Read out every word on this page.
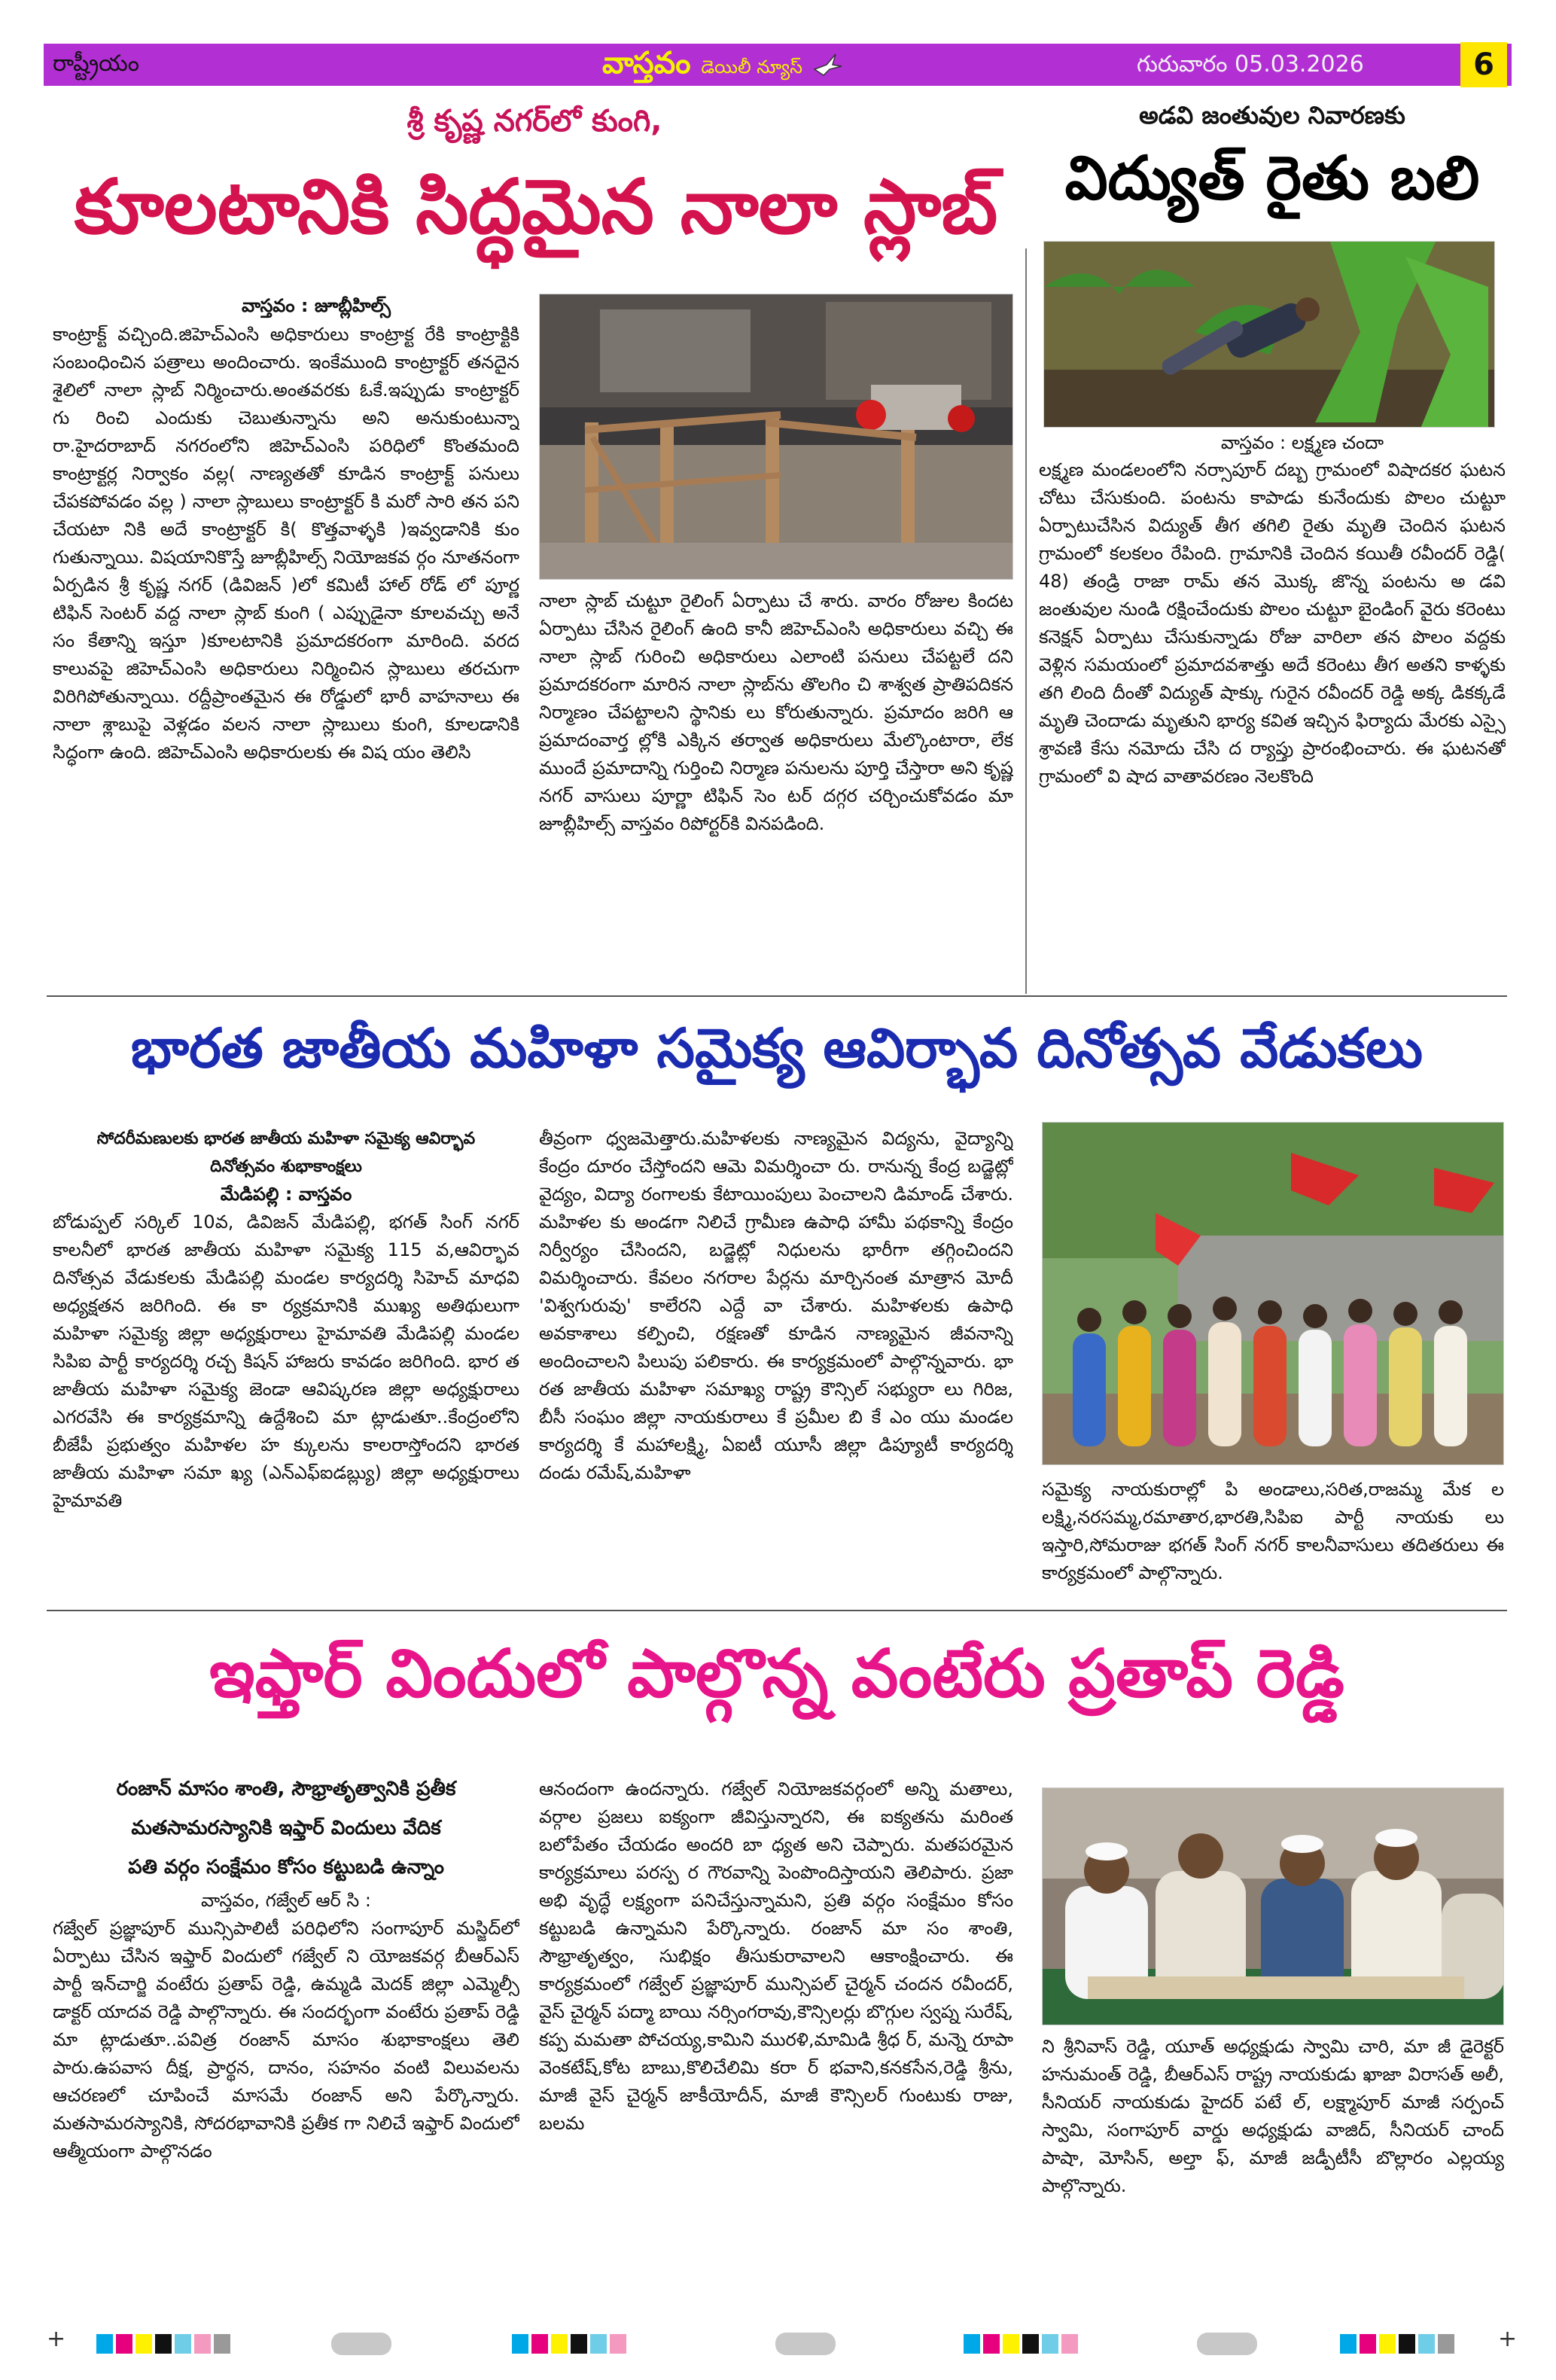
రాష్ట్రీయం	వాస్తవం డెయిలీ న్యూస్	గురువారం 05.03.2026	6
శ్రీ కృష్ణ నగర్‌లో కుంగి,
కూలటానికి సిద్ధమైన నాలా స్లాబ్
వాస్తవం : జూబ్లీహిల్స్
కాంట్రాక్ట్ వచ్చింది.జిహెచ్ఎంసి అధికారులు కాంట్రాక్ట రేకి కాంట్రాక్టికి సంబంధించిన పత్రాలు అందించారు. ఇంకేముంది కాంట్రాక్టర్ తనదైన శైలిలో నాలా స్లాబ్ నిర్మించారు.అంతవరకు ఓకే.ఇప్పుడు కాంట్రాక్టర్ గు రించి ఎందుకు చెబుతున్నాను అని అనుకుంటున్నా రా.హైదరాబాద్ నగరంలోని జిహెచ్ఎంసి పరిధిలో కొంతమంది కాంట్రాక్టర్ల నిర్వాకం వల్ల( నాణ్యతతో కూడిన కాంట్రాక్ట్ పనులు చేపకపోవడం వల్ల ) నాలా స్లాబులు కాంట్రాక్టర్ కి మరో సారి తన పని చేయటా నికి అదే కాంట్రాక్టర్ కి( కొత్తవాళ్ళకి )ఇవ్వడానికి కుం గుతున్నాయి. విషయానికొస్తే జూబ్లీహిల్స్ నియోజకవ ర్గం నూతనంగా ఏర్పడిన శ్రీ కృష్ణ నగర్ (డివిజన్ )లో కమిటీ హాల్ రోడ్ లో పూర్ణ టిఫిన్ సెంటర్ వద్ద నాలా స్లాబ్ కుంగి ( ఎప్పుడైనా కూలవచ్చు అనే సం కేతాన్ని ఇస్తూ )కూలటానికి ప్రమాదకరంగా మారింది. వరద కాలువపై జిహెచ్ఎంసి అధికారులు నిర్మించిన స్లాబులు తరచుగా విరిగిపోతున్నాయి. రద్దీప్రాంతమైన ఈ రోడ్డులో భారీ వాహనాలు ఈ నాలా శ్లాబుపై వెళ్లడం వలన నాలా స్లాబులు కుంగి, కూలడానికి సిద్ధంగా ఉంది. జిహెచ్ఎంసి అధికారులకు ఈ విష యం తెలిసి
నాలా స్లాబ్ చుట్టూ రైలింగ్ ఏర్పాటు చే శారు. వారం రోజుల కిందట ఏర్పాటు చేసిన రైలింగ్ ఉంది కానీ జిహెచ్ఎంసి అధికారులు వచ్చి ఈ నాలా స్లాబ్ గురించి అధికారులు ఎలాంటి పనులు చేపట్టలే దని ప్రమాదకరంగా మారిన నాలా స్లాబ్‌ను తొలగిం చి శాశ్వత ప్రాతిపదికన నిర్మాణం చేపట్టాలని స్థానికు లు కోరుతున్నారు. ప్రమాదం జరిగి ఆ ప్రమాదంవార్త ల్లోకి ఎక్కిన తర్వాత అధికారులు మేల్కొంటారా, లేక ముందే ప్రమాదాన్ని గుర్తించి నిర్మాణ పనులను పూర్తి చేస్తారా అని కృష్ణ నగర్ వాసులు పూర్ణా టిఫిన్ సెం టర్ దగ్గర చర్చించుకోవడం మా జూబ్లీహిల్స్ వాస్తవం రిపోర్టర్‌కి వినపడింది.
అడవి జంతువుల నివారణకు
విద్యుత్ రైతు బలి
వాస్తవం : లక్ష్మణ చందా
లక్ష్మణ మండలంలోని నర్సాపూర్ దబ్బ గ్రామంలో విషాదకర ఘటన చోటు చేసుకుంది. పంటను కాపాడు కునేందుకు పొలం చుట్టూ ఏర్పాటుచేసిన విద్యుత్ తీగ తగిలి రైతు మృతి చెందిన ఘటన గ్రామంలో కలకలం రేపింది. గ్రామానికి చెందిన కయితీ రవీందర్ రెడ్డి( 48) తండ్రి రాజా రామ్ తన మొక్క జొన్న పంటను అ డవి జంతువుల నుండి రక్షించేందుకు పొలం చుట్టూ బైండింగ్ వైరు కరెంటు కనెక్షన్ ఏర్పాటు చేసుకున్నాడు రోజు వారిలా తన పొలం వద్దకు వెళ్లిన సమయంలో ప్రమాదవశాత్తు అదే కరెంటు తీగ అతని కాళ్ళకు తగి లింది దీంతో విద్యుత్ షాక్కు గురైన రవీందర్ రెడ్డి అక్క డికక్కడే మృతి చెందాడు మృతుని భార్య కవిత ఇచ్చిన ఫిర్యాదు మేరకు ఎస్సై శ్రావణి కేసు నమోదు చేసి ద ర్యాప్తు ప్రారంభించారు. ఈ ఘటనతో గ్రామంలో వి షాద వాతావరణం నెలకొంది
భారత జాతీయ మహిళా సమైక్య ఆవిర్భావ దినోత్సవ వేడుకలు
సోదరీమణులకు భారత జాతీయ మహిళా సమైక్య ఆవిర్భావ
దినోత్సవం శుభాకాంక్షలు
మేడిపల్లి : వాస్తవం
బోడుప్పల్ సర్కిల్ 10వ, డివిజన్ మేడిపల్లి, భగత్ సింగ్ నగర్ కాలనీలో భారత జాతీయ మహిళా సమైక్య 115 వ,ఆవిర్భావ దినోత్సవ వేడుకలకు మేడిపల్లి మండల కార్యదర్శి సిహెచ్ మాధవి అధ్యక్షతన జరిగింది. ఈ కా ర్యక్రమానికి ముఖ్య అతిథులుగా మహిళా సమైక్య జిల్లా అధ్యక్షురాలు హైమావతి మేడిపల్లి మండల సిపిఐ పార్టీ కార్యదర్శి రచ్చ కిషన్ హాజరు కావడం జరిగింది. భార త జాతీయ మహిళా సమైక్య జెండా ఆవిష్కరణ జిల్లా అధ్యక్షురాలు ఎగరవేసి ఈ కార్యక్రమాన్ని ఉద్దేశించి మా ట్లాడుతూ..కేంద్రంలోని బీజేపీ ప్రభుత్వం మహిళల హ క్కులను కాలరాస్తోందని భారత జాతీయ మహిళా సమా ఖ్య (ఎన్ఎఫ్ఐడబ్ల్యు) జిల్లా అధ్యక్షురాలు హైమావతి
తీవ్రంగా ధ్వజమెత్తారు.మహిళలకు నాణ్యమైన విద్యను, వైద్యాన్ని కేంద్రం దూరం చేస్తోందని ఆమె విమర్శించా రు. రానున్న కేంద్ర బడ్జెట్లో వైద్యం, విద్యా రంగాలకు కేటాయింపులు పెంచాలని డిమాండ్ చేశారు. మహిళల కు అండగా నిలిచే గ్రామీణ ఉపాధి హామీ పథకాన్ని కేంద్రం నిర్వీర్యం చేసిందని, బడ్జెట్లో నిధులను భారీగా తగ్గించిందని విమర్శించారు. కేవలం నగరాల పేర్లను మార్చినంత మాత్రాన మోదీ 'విశ్వగురువు' కాలేరని ఎద్దే వా చేశారు. మహిళలకు ఉపాధి అవకాశాలు కల్పించి, రక్షణతో కూడిన నాణ్యమైన జీవనాన్ని అందించాలని పిలుపు పలికారు. ఈ కార్యక్రమంలో పాల్గొన్నవారు. భా రత జాతీయ మహిళా సమాఖ్య రాష్ట్ర కౌన్సిల్ సభ్యురా లు గిరిజ, బీసీ సంఘం జిల్లా నాయకురాలు కే ప్రమీల బి కే ఎం యు మండల కార్యదర్శి కే మహాలక్ష్మి, ఏఐటీ యూసీ జిల్లా డిప్యూటీ కార్యదర్శి దండు రమేష్,మహిళా
సమైక్య నాయకురాల్లో పి అండాలు,సరిత,రాజమ్మ మేక ల లక్ష్మి,నరసమ్మ,రమాతార,భారతి,సిపిఐ పార్టీ నాయకు లు ఇస్తారి,సోమరాజు భగత్ సింగ్ నగర్ కాలనీవాసులు తదితరులు ఈ కార్యక్రమంలో పాల్గొన్నారు.
ఇఫ్తార్ విందులో పాల్గొన్న వంటేరు ప్రతాప్ రెడ్డి
రంజాన్ మాసం శాంతి, సౌభ్రాతృత్వానికి ప్రతీక
మతసామరస్యానికి ఇఫ్తార్ విందులు వేదిక
పతి వర్గం సంక్షేమం కోసం కట్టుబడి ఉన్నాం
వాస్తవం, గజ్వేల్ ఆర్ సి :
గజ్వేల్ ప్రజ్ఞాపూర్ మున్సిపాలిటీ పరిధిలోని సంగాపూర్ మస్జిద్‌లో ఏర్పాటు చేసిన ఇఫ్తార్ విందులో గజ్వేల్ ని యోజకవర్గ బీఆర్ఎస్ పార్టీ ఇన్‌చార్జి వంటేరు ప్రతాప్ రెడ్డి, ఉమ్మడి మెదక్ జిల్లా ఎమ్మెల్సీ డాక్టర్ యాదవ రెడ్డి పాల్గొన్నారు. ఈ సందర్భంగా వంటేరు ప్రతాప్ రెడ్డి మా ట్లాడుతూ..పవిత్ర రంజాన్ మాసం శుభాకాంక్షలు తెలి పారు.ఉపవాస దీక్ష, ప్రార్థన, దానం, సహనం వంటి విలువలను ఆచరణలో చూపించే మాసమే రంజాన్ అని పేర్కొన్నారు. మతసామరస్యానికి, సోదరభావానికి ప్రతీక గా నిలిచే ఇఫ్తార్ విందులో ఆత్మీయంగా పాల్గొనడం
ఆనందంగా ఉందన్నారు. గజ్వేల్ నియోజకవర్గంలో అన్ని మతాలు, వర్గాల ప్రజలు ఐక్యంగా జీవిస్తున్నారని, ఈ ఐక్యతను మరింత బలోపేతం చేయడం అందరి బా ధ్యత అని చెప్పారు. మతపరమైన కార్యక్రమాలు పరస్ప ర గౌరవాన్ని పెంపొందిస్తాయని తెలిపారు. ప్రజా అభి వృద్ధే లక్ష్యంగా పనిచేస్తున్నామని, ప్రతి వర్గం సంక్షేమం కోసం కట్టుబడి ఉన్నామని పేర్కొన్నారు. రంజాన్ మా సం శాంతి, సౌభ్రాతృత్వం, సుభిక్షం తీసుకురావాలని ఆకాంక్షించారు. ఈ కార్యక్రమంలో గజ్వేల్ ప్రజ్ఞాపూర్ మున్సిపల్ చైర్మన్ చందన రవీందర్, వైస్ చైర్మన్ పద్మా బాయి నర్సింగరావు,కౌన్సిలర్లు బొగ్గుల స్వప్న సురేష్, కప్ప మమతా పోచయ్య,కామిని మురళి,మామిడి శ్రీధ ర్, మన్నె రూపా వెంకటేష్,కోట బాబు,కొలిచేలిమి కరా ర్ భవాని,కనకసేన,రెడ్డి శ్రీను, మాజీ వైస్ చైర్మన్ జాకీయోదీన్, మాజీ కౌన్సిలర్ గుంటుకు రాజు, బలమ
ని శ్రీనివాస్ రెడ్డి, యూత్ అధ్యక్షుడు స్వామి చారి, మా జీ డైరెక్టర్ హనుమంత్ రెడ్డి, బీఆర్ఎస్ రాష్ట్ర నాయకుడు ఖాజా విరాసత్ అలీ, సీనియర్ నాయకుడు హైదర్ పటే ల్, లక్ష్మాపూర్ మాజీ సర్పంచ్ స్వామి, సంగాపూర్ వార్డు అధ్యక్షుడు వాజిద్, సీనియర్ చాంద్ పాషా, మోసిన్, అల్తా ఫ్, మాజీ జడ్పీటీసీ బొల్లారం ఎల్లయ్య పాల్గొన్నారు.
+	+
